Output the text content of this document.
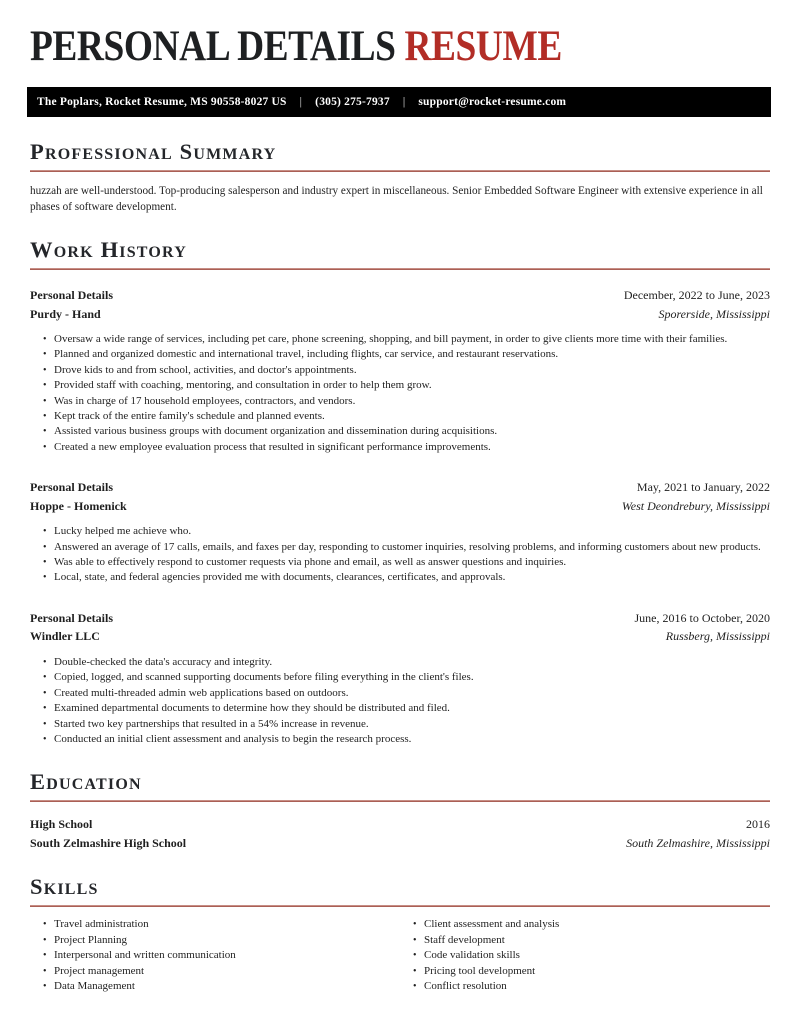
PERSONAL DETAILS RESUME
The Poplars, Rocket Resume, MS 90558-8027 US | (305) 275-7937 | support@rocket-resume.com
Professional Summary

huzzah are well-understood. Top-producing salesperson and industry expert in miscellaneous. Senior Embedded Software Engineer with extensive experience in all phases of software development.

Work History
Personal Details
Purdy - Hand
December, 2022 to June, 2023
Sporerside, Mississippi
• Oversaw a wide range of services, including pet care, phone screening, shopping, and bill payment, in order to give clients more time with their families.
• Planned and organized domestic and international travel, including flights, car service, and restaurant reservations.
• Drove kids to and from school, activities, and doctor's appointments.
• Provided staff with coaching, mentoring, and consultation in order to help them grow.
• Was in charge of 17 household employees, contractors, and vendors.
• Kept track of the entire family's schedule and planned events.
• Assisted various business groups with document organization and dissemination during acquisitions.
• Created a new employee evaluation process that resulted in significant performance improvements.
Personal Details
Hoppe - Homenick
May, 2021 to January, 2022
West Deondrebury, Mississippi
• Lucky helped me achieve who.
• Answered an average of 17 calls, emails, and faxes per day, responding to customer inquiries, resolving problems, and informing customers about new products.
• Was able to effectively respond to customer requests via phone and email, as well as answer questions and inquiries.
• Local, state, and federal agencies provided me with documents, clearances, certificates, and approvals.
Personal Details
Windler LLC
June, 2016 to October, 2020
Russberg, Mississippi
• Double-checked the data's accuracy and integrity.
• Copied, logged, and scanned supporting documents before filing everything in the client's files.
• Created multi-threaded admin web applications based on outdoors.
• Examined departmental documents to determine how they should be distributed and filed.
• Started two key partnerships that resulted in a 54% increase in revenue.
• Conducted an initial client assessment and analysis to begin the research process.
Education
High School	2016
South Zelmashire High School	South Zelmashire, Mississippi
Skills
• Travel administration
• Project Planning
• Interpersonal and written communication
• Project management
• Data Management
• Client assessment and analysis
• Staff development
• Code validation skills
• Pricing tool development
• Conflict resolution
